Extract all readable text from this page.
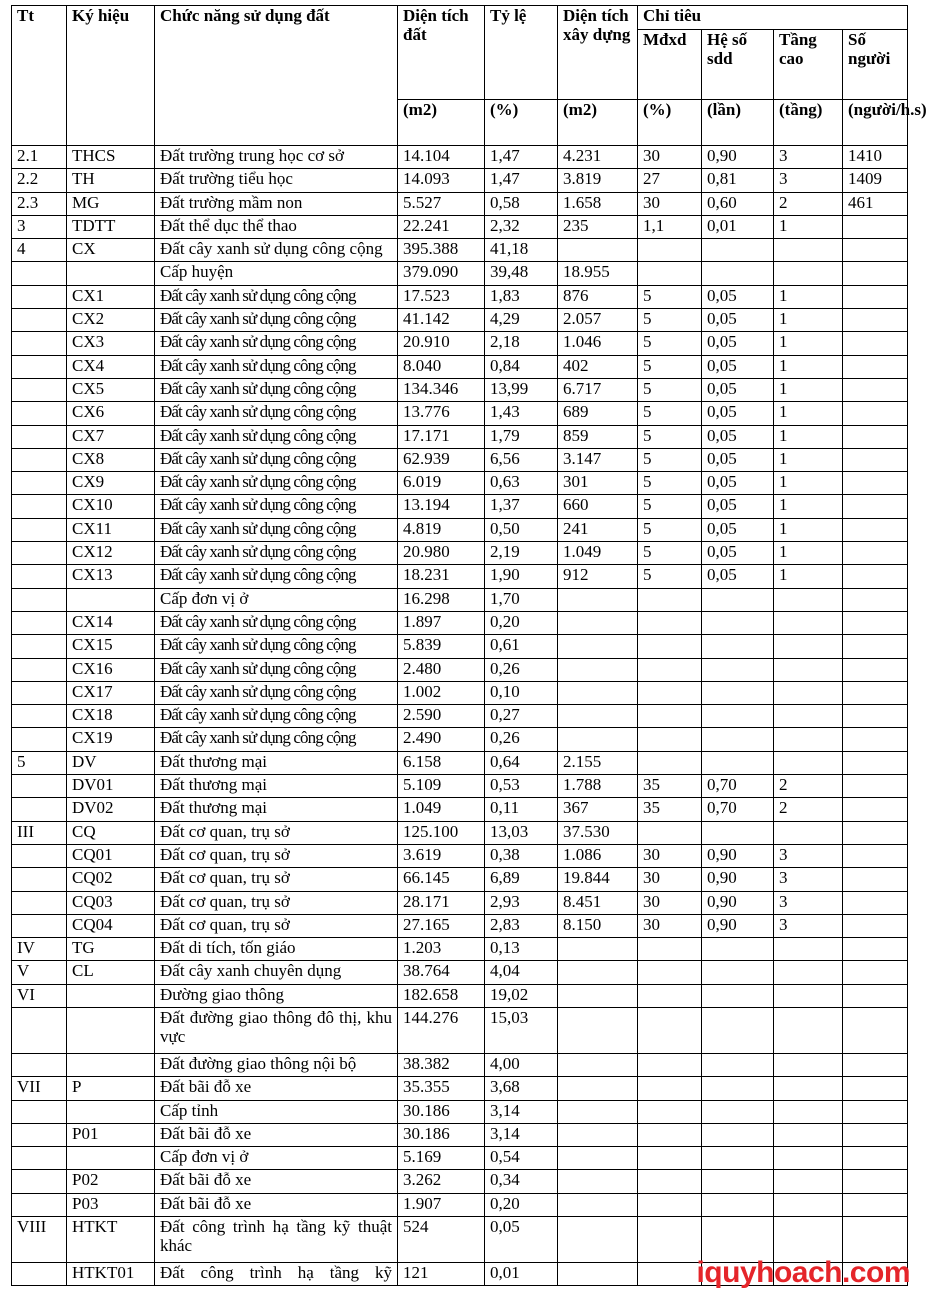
Tt	Ký hiệu	Chức năng sử dụng đất	Diện tích đất	Tỷ lệ	Diện tích xây dựng	Chỉ tiêu			
						Mđxd	Hệ số sdd	Tầng cao	Số người
			(m2)	(%)	(m2)	(%)	(lần)	(tầng)	(người/h.s)
2.1	THCS	Đất trường trung học cơ sở	14.104	1,47	4.231	30	0,90	3	1410
2.2	TH	Đất trường tiểu học	14.093	1,47	3.819	27	0,81	3	1409
2.3	MG	Đất trường mầm non	5.527	0,58	1.658	30	0,60	2	461
3	TDTT	Đất thể dục thể thao	22.241	2,32	235	1,1	0,01	1	
4	CX	Đất cây xanh sử dụng công cộng	395.388	41,18					
		Cấp huyện	379.090	39,48	18.955				
	CX1	Đất cây xanh sử dụng công cộng	17.523	1,83	876	5	0,05	1	
	CX2	Đất cây xanh sử dụng công cộng	41.142	4,29	2.057	5	0,05	1	
	CX3	Đất cây xanh sử dụng công cộng	20.910	2,18	1.046	5	0,05	1	
	CX4	Đất cây xanh sử dụng công cộng	8.040	0,84	402	5	0,05	1	
	CX5	Đất cây xanh sử dụng công cộng	134.346	13,99	6.717	5	0,05	1	
	CX6	Đất cây xanh sử dụng công cộng	13.776	1,43	689	5	0,05	1	
	CX7	Đất cây xanh sử dụng công cộng	17.171	1,79	859	5	0,05	1	
	CX8	Đất cây xanh sử dụng công cộng	62.939	6,56	3.147	5	0,05	1	
	CX9	Đất cây xanh sử dụng công cộng	6.019	0,63	301	5	0,05	1	
	CX10	Đất cây xanh sử dụng công cộng	13.194	1,37	660	5	0,05	1	
	CX11	Đất cây xanh sử dụng công cộng	4.819	0,50	241	5	0,05	1	
	CX12	Đất cây xanh sử dụng công cộng	20.980	2,19	1.049	5	0,05	1	
	CX13	Đất cây xanh sử dụng công cộng	18.231	1,90	912	5	0,05	1	
		Cấp đơn vị ở	16.298	1,70					
	CX14	Đất cây xanh sử dụng công cộng	1.897	0,20					
	CX15	Đất cây xanh sử dụng công cộng	5.839	0,61					
	CX16	Đất cây xanh sử dụng công cộng	2.480	0,26					
	CX17	Đất cây xanh sử dụng công cộng	1.002	0,10					
	CX18	Đất cây xanh sử dụng công cộng	2.590	0,27					
	CX19	Đất cây xanh sử dụng công cộng	2.490	0,26					
5	DV	Đất thương mại	6.158	0,64	2.155				
	DV01	Đất thương mại	5.109	0,53	1.788	35	0,70	2	
	DV02	Đất thương mại	1.049	0,11	367	35	0,70	2	
III	CQ	Đất cơ quan, trụ sở	125.100	13,03	37.530				
	CQ01	Đất cơ quan, trụ sở	3.619	0,38	1.086	30	0,90	3	
	CQ02	Đất cơ quan, trụ sở	66.145	6,89	19.844	30	0,90	3	
	CQ03	Đất cơ quan, trụ sở	28.171	2,93	8.451	30	0,90	3	
	CQ04	Đất cơ quan, trụ sở	27.165	2,83	8.150	30	0,90	3	
IV	TG	Đất di tích, tốn giáo	1.203	0,13					
V	CL	Đất cây xanh chuyên dụng	38.764	4,04					
VI		Đường giao thông	182.658	19,02					
		Đất đường giao thông đô thị, khu vực	144.276	15,03					
		Đất đường giao thông nội bộ	38.382	4,00					
VII	P	Đất bãi đỗ xe	35.355	3,68					
		Cấp tỉnh	30.186	3,14					
	P01	Đất bãi đỗ xe	30.186	3,14					
		Cấp đơn vị ở	5.169	0,54					
	P02	Đất bãi đỗ xe	3.262	0,34					
	P03	Đất bãi đỗ xe	1.907	0,20					
VIII	HTKT	Đất công trình hạ tầng kỹ thuật khác	524	0,05					
	HTKT01	Đất công trình hạ tầng kỹ	121	0,01						iquyhoach.com
